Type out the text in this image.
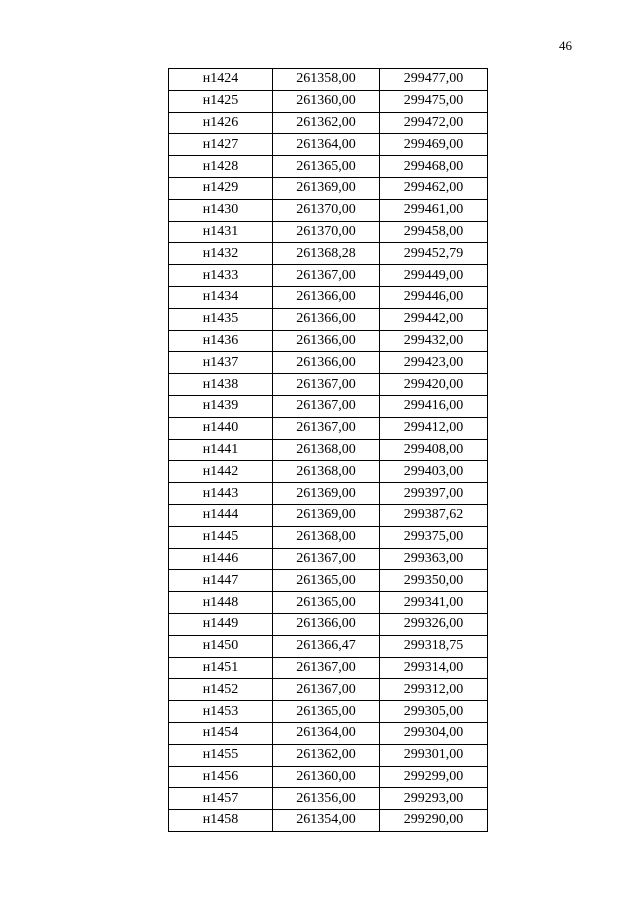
46
н1424	261358,00	299477,00
н1425	261360,00	299475,00
н1426	261362,00	299472,00
н1427	261364,00	299469,00
н1428	261365,00	299468,00
н1429	261369,00	299462,00
н1430	261370,00	299461,00
н1431	261370,00	299458,00
н1432	261368,28	299452,79
н1433	261367,00	299449,00
н1434	261366,00	299446,00
н1435	261366,00	299442,00
н1436	261366,00	299432,00
н1437	261366,00	299423,00
н1438	261367,00	299420,00
н1439	261367,00	299416,00
н1440	261367,00	299412,00
н1441	261368,00	299408,00
н1442	261368,00	299403,00
н1443	261369,00	299397,00
н1444	261369,00	299387,62
н1445	261368,00	299375,00
н1446	261367,00	299363,00
н1447	261365,00	299350,00
н1448	261365,00	299341,00
н1449	261366,00	299326,00
н1450	261366,47	299318,75
н1451	261367,00	299314,00
н1452	261367,00	299312,00
н1453	261365,00	299305,00
н1454	261364,00	299304,00
н1455	261362,00	299301,00
н1456	261360,00	299299,00
н1457	261356,00	299293,00
н1458	261354,00	299290,00
